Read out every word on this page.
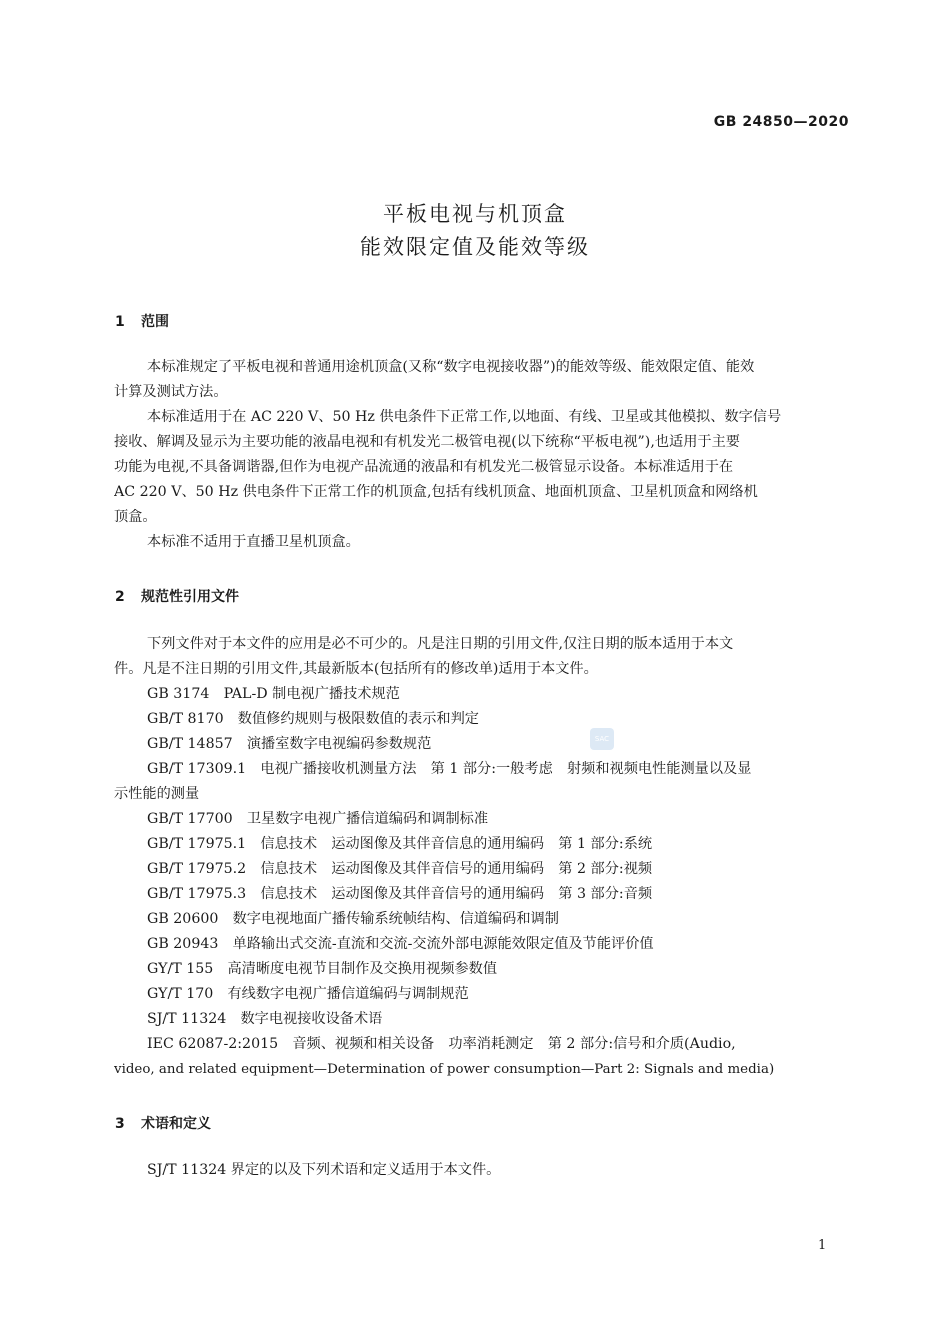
GB 24850—2020
平板电视与机顶盒
能效限定值及能效等级
1 范围
本标准规定了平板电视和普通用途机顶盒(又称“数字电视接收器”)的能效等级、能效限定值、能效
计算及测试方法。
本标准适用于在 AC 220 V、50 Hz 供电条件下正常工作,以地面、有线、卫星或其他模拟、数字信号
接收、解调及显示为主要功能的液晶电视和有机发光二极管电视(以下统称“平板电视”),也适用于主要
功能为电视,不具备调谐器,但作为电视产品流通的液晶和有机发光二极管显示设备。本标准适用于在
AC 220 V、50 Hz 供电条件下正常工作的机顶盒,包括有线机顶盒、地面机顶盒、卫星机顶盒和网络机
顶盒。
本标准不适用于直播卫星机顶盒。
2 规范性引用文件
下列文件对于本文件的应用是必不可少的。凡是注日期的引用文件,仅注日期的版本适用于本文
件。凡是不注日期的引用文件,其最新版本(包括所有的修改单)适用于本文件。
GB 3174　PAL-D 制电视广播技术规范
GB/T 8170　数值修约规则与极限数值的表示和判定
GB/T 14857　演播室数字电视编码参数规范
GB/T 17309.1　电视广播接收机测量方法　第 1 部分:一般考虑　射频和视频电性能测量以及显
示性能的测量
GB/T 17700　卫星数字电视广播信道编码和调制标准
GB/T 17975.1　信息技术　运动图像及其伴音信息的通用编码　第 1 部分:系统
GB/T 17975.2　信息技术　运动图像及其伴音信号的通用编码　第 2 部分:视频
GB/T 17975.3　信息技术　运动图像及其伴音信号的通用编码　第 3 部分:音频
GB 20600　数字电视地面广播传输系统帧结构、信道编码和调制
GB 20943　单路输出式交流-直流和交流-交流外部电源能效限定值及节能评价值
GY/T 155　高清晰度电视节目制作及交换用视频参数值
GY/T 170　有线数字电视广播信道编码与调制规范
SJ/T 11324　数字电视接收设备术语
IEC 62087-2:2015　音频、视频和相关设备　功率消耗测定　第 2 部分:信号和介质(Audio,
video, and related equipment—Determination of power consumption—Part 2: Signals and media)
3 术语和定义
SJ/T 11324 界定的以及下列术语和定义适用于本文件。
SAC
1
